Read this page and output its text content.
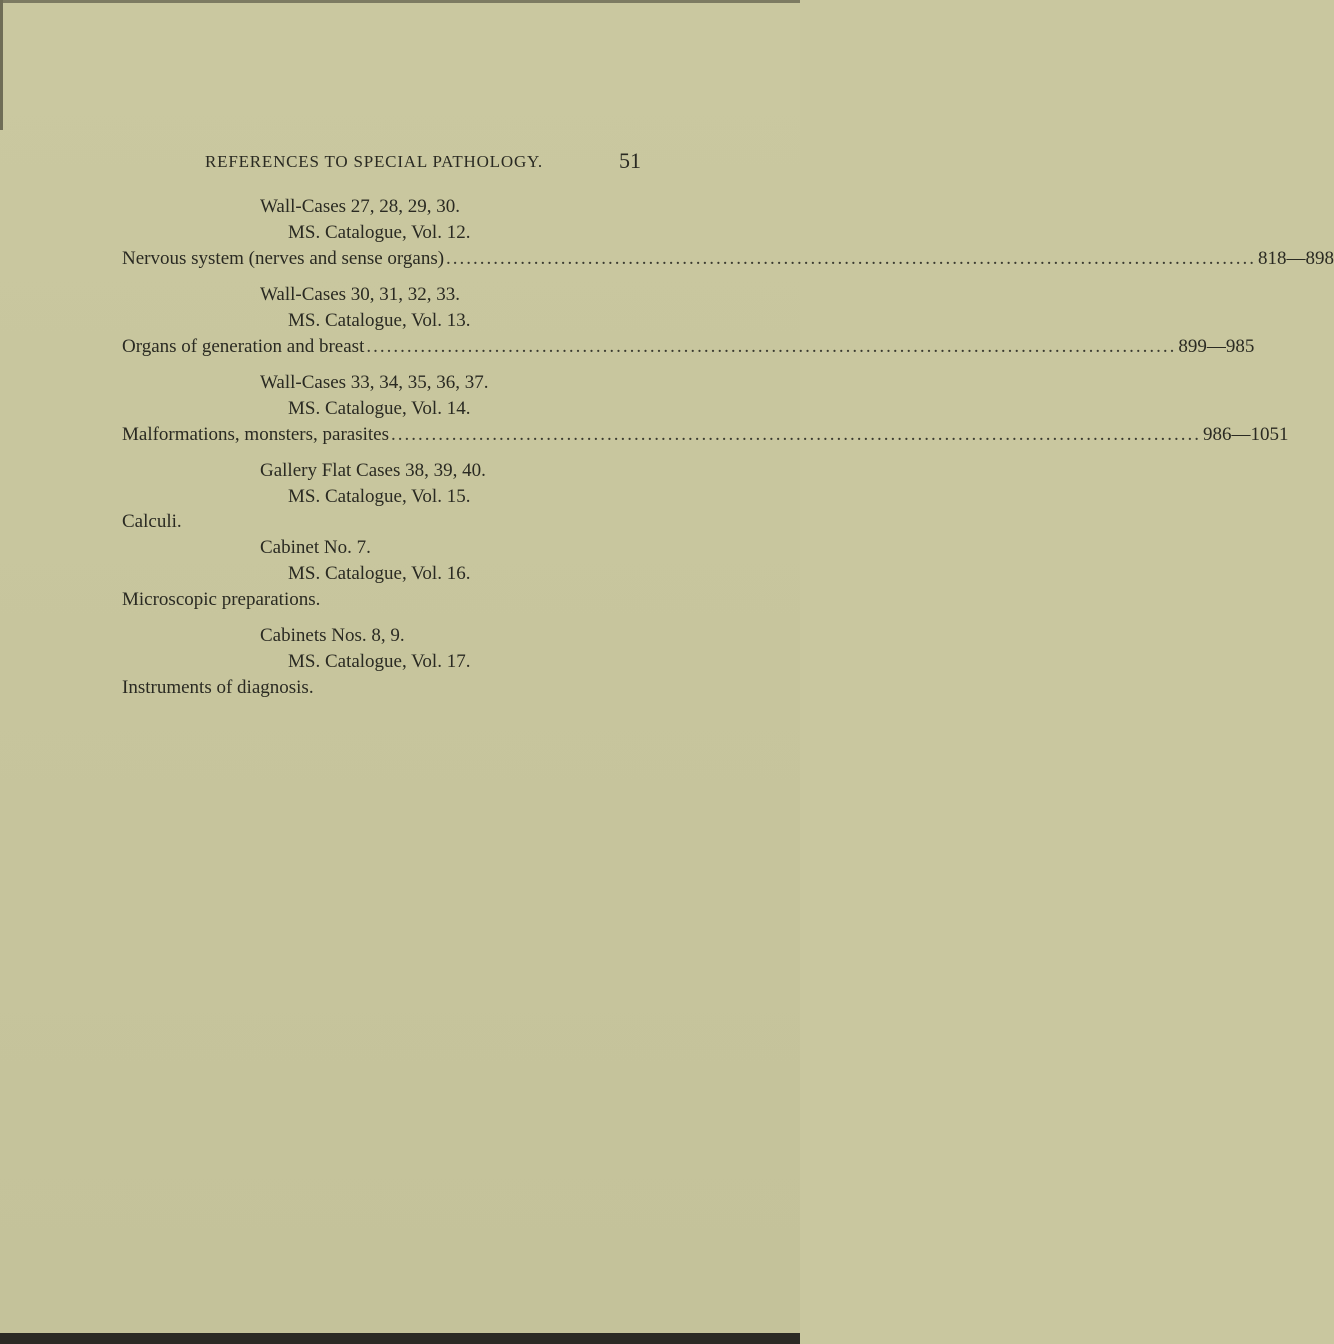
REFERENCES TO SPECIAL PATHOLOGY.	51
Wall-Cases 27, 28, 29, 30.
MS. Catalogue, Vol. 12.
Nervous system (nerves and sense organs) ........................................................................................................................ 818—898
Wall-Cases 30, 31, 32, 33.
MS. Catalogue, Vol. 13.
Organs of generation and breast ........................................................................................................................ 899—985
Wall-Cases 33, 34, 35, 36, 37.
MS. Catalogue, Vol. 14.
Malformations, monsters, parasites ........................................................................................................................ 986—1051
Gallery Flat Cases 38, 39, 40.
MS. Catalogue, Vol. 15.
Calculi.
Cabinet No. 7.
MS. Catalogue, Vol. 16.
Microscopic preparations.
Cabinets Nos. 8, 9.
MS. Catalogue, Vol. 17.
Instruments of diagnosis.
